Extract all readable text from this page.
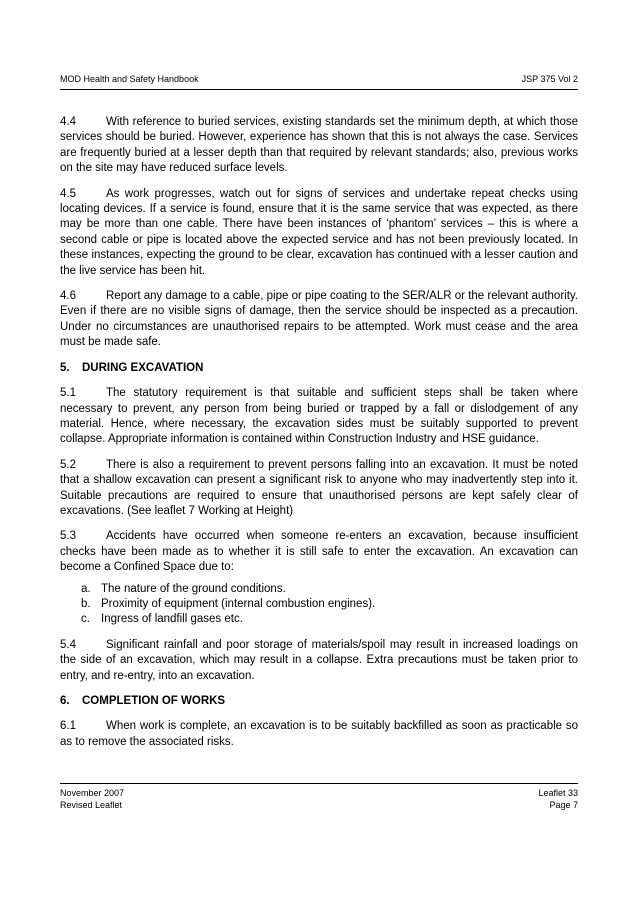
MOD Health and Safety Handbook	JSP 375 Vol 2

4.4	With reference to buried services, existing standards set the minimum depth, at which those services should be buried. However, experience has shown that this is not always the case. Services are frequently buried at a lesser depth than that required by relevant standards; also, previous works on the site may have reduced surface levels.

4.5	As work progresses, watch out for signs of services and undertake repeat checks using locating devices. If a service is found, ensure that it is the same service that was expected, as there may be more than one cable. There have been instances of ‘phantom’ services – this is where a second cable or pipe is located above the expected service and has not been previously located. In these instances, expecting the ground to be clear, excavation has continued with a lesser caution and the live service has been hit.

4.6	Report any damage to a cable, pipe or pipe coating to the SER/ALR or the relevant authority. Even if there are no visible signs of damage, then the service should be inspected as a precaution. Under no circumstances are unauthorised repairs to be attempted. Work must cease and the area must be made safe.

5. DURING EXCAVATION

5.1	The statutory requirement is that suitable and sufficient steps shall be taken where necessary to prevent, any person from being buried or trapped by a fall or dislodgement of any material. Hence, where necessary, the excavation sides must be suitably supported to prevent collapse. Appropriate information is contained within Construction Industry and HSE guidance.

5.2	There is also a requirement to prevent persons falling into an excavation. It must be noted that a shallow excavation can present a significant risk to anyone who may inadvertently step into it. Suitable precautions are required to ensure that unauthorised persons are kept safely clear of excavations. (See leaflet 7 Working at Height)

5.3	Accidents have occurred when someone re-enters an excavation, because insufficient checks have been made as to whether it is still safe to enter the excavation. An excavation can become a Confined Space due to:

a. The nature of the ground conditions.
b. Proximity of equipment (internal combustion engines).
c. Ingress of landfill gases etc.

5.4	Significant rainfall and poor storage of materials/spoil may result in increased loadings on the side of an excavation, which may result in a collapse. Extra precautions must be taken prior to entry, and re-entry, into an excavation.

6. COMPLETION OF WORKS

6.1	When work is complete, an excavation is to be suitably backfilled as soon as practicable so as to remove the associated risks.

November 2007
Revised Leaflet
Leaflet 33
Page 7
